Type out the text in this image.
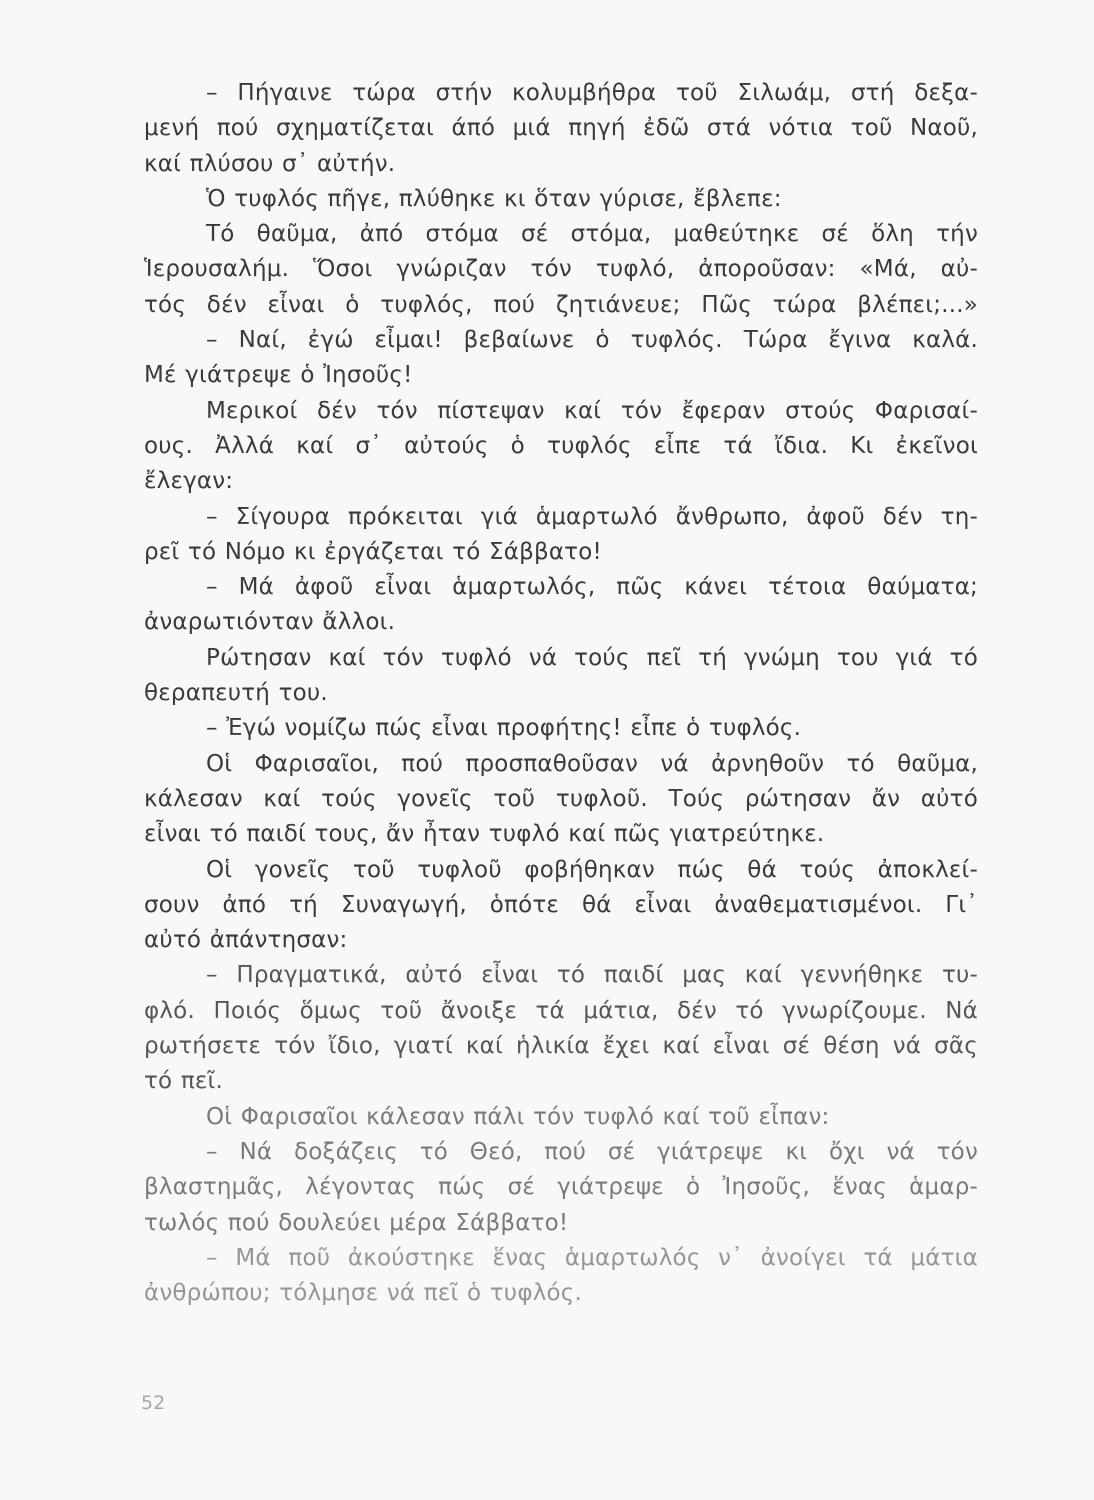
– Πήγαινε τώρα στήν κολυμβήθρα τοῦ Σιλωάμ, στή δεξα-
μενή πού σχηματίζεται άπό μιά πηγή ἐδῶ στά νότια τοῦ Ναοῦ,
καί πλύσου σ᾽ αὐτήν.
Ὁ τυφλός πῆγε, πλύθηκε κι ὅταν γύρισε, ἔβλεπε:
Τό θαῦμα, ἀπό στόμα σέ στόμα, μαθεύτηκε σέ ὅλη τήν
Ἱερουσαλήμ. Ὅσοι γνώριζαν τόν τυφλό, ἀποροῦσαν: «Μά, αὐ-
τός δέν εἶναι ὁ τυφλός, πού ζητιάνευε; Πῶς τώρα βλέπει;...»
– Ναί, ἐγώ εἶμαι! βεβαίωνε ὁ τυφλός. Τώρα ἔγινα καλά.
Μέ γιάτρεψε ὁ Ἰησοῦς!
Μερικοί δέν τόν πίστεψαν καί τόν ἔφεραν στούς Φαρισαί-
ους. Ἀλλά καί σ᾽ αὐτούς ὁ τυφλός εἶπε τά ἴδια. Κι ἐκεῖνοι
ἔλεγαν:
– Σίγουρα πρόκειται γιά ἁμαρτωλό ἄνθρωπο, ἀφοῦ δέν τη-
ρεῖ τό Νόμο κι ἐργάζεται τό Σάββατο!
– Μά ἀφοῦ εἶναι ἁμαρτωλός, πῶς κάνει τέτοια θαύματα;
ἀναρωτιόνταν ἄλλοι.
Ρώτησαν καί τόν τυφλό νά τούς πεῖ τή γνώμη του γιά τό
θεραπευτή του.
– Ἐγώ νομίζω πώς εἶναι προφήτης! εἶπε ὁ τυφλός.
Οἱ Φαρισαῖοι, πού προσπαθοῦσαν νά ἀρνηθοῦν τό θαῦμα,
κάλεσαν καί τούς γονεῖς τοῦ τυφλοῦ. Τούς ρώτησαν ἄν αὐτό
εἶναι τό παιδί τους, ἄν ἦταν τυφλό καί πῶς γιατρεύτηκε.
Οἱ γονεῖς τοῦ τυφλοῦ φοβήθηκαν πώς θά τούς ἀποκλεί-
σουν ἀπό τή Συναγωγή, ὁπότε θά εἶναι ἀναθεματισμένοι. Γι᾽
αὐτό ἀπάντησαν:
– Πραγματικά, αὐτό εἶναι τό παιδί μας καί γεννήθηκε τυ-
φλό. Ποιός ὅμως τοῦ ἄνοιξε τά μάτια, δέν τό γνωρίζουμε. Νά
ρωτήσετε τόν ἴδιο, γιατί καί ἡλικία ἔχει καί εἶναι σέ θέση νά σᾶς
τό πεῖ.
Οἱ Φαρισαῖοι κάλεσαν πάλι τόν τυφλό καί τοῦ εἶπαν:
– Νά δοξάζεις τό Θεό, πού σέ γιάτρεψε κι ὄχι νά τόν
βλαστημᾶς, λέγοντας πώς σέ γιάτρεψε ὁ Ἰησοῦς, ἕνας ἁμαρ-
τωλός πού δουλεύει μέρα Σάββατο!
– Μά ποῦ ἀκούστηκε ἕνας ἁμαρτωλός ν᾽ ἀνοίγει τά μάτια
ἀνθρώπου; τόλμησε νά πεῖ ὁ τυφλός.
52
